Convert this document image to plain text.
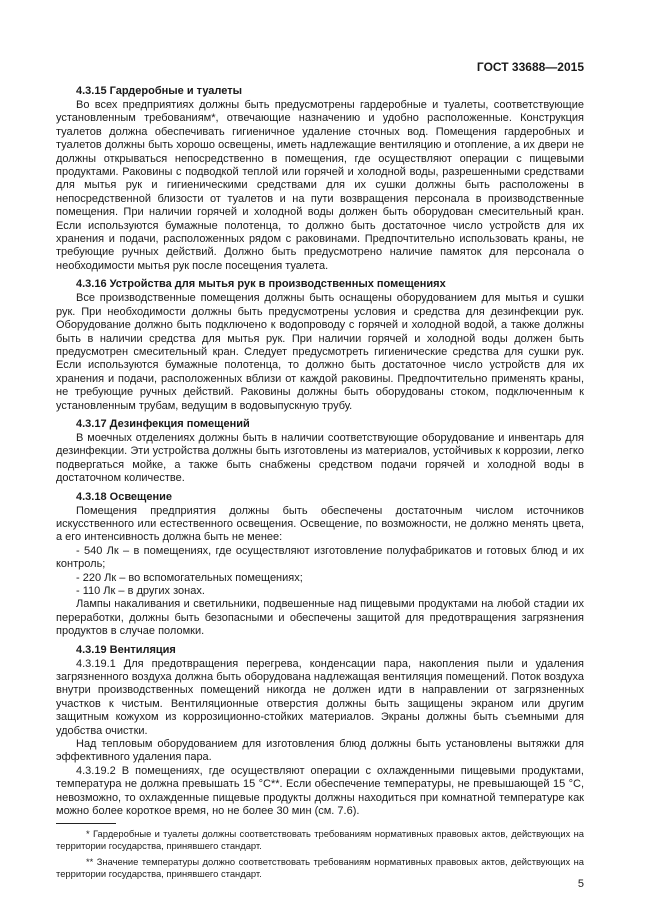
ГОСТ 33688—2015
4.3.15 Гардеробные и туалеты

Во всех предприятиях должны быть предусмотрены гардеробные и туалеты, соответствующие установленным требованиям*, отвечающие назначению и удобно расположенные. Конструкция туалетов должна обеспечивать гигиеничное удаление сточных вод. Помещения гардеробных и туалетов должны быть хорошо освещены, иметь надлежащие вентиляцию и отопление, а их двери не должны открываться непосредственно в помещения, где осуществляют операции с пищевыми продуктами. Раковины с подводкой теплой или горячей и холодной воды, разрешенными средствами для мытья рук и гигиеническими средствами для их сушки должны быть расположены в непосредственной близости от туалетов и на пути возвращения персонала в производственные помещения. При наличии горячей и холодной воды должен быть оборудован смесительный кран. Если используются бумажные полотенца, то должно быть достаточное число устройств для их хранения и подачи, расположенных рядом с раковинами. Предпочтительно использовать краны, не требующие ручных действий. Должно быть предусмотрено наличие памяток для персонала о необходимости мытья рук после посещения туалета.

4.3.16 Устройства для мытья рук в производственных помещениях

Все производственные помещения должны быть оснащены оборудованием для мытья и сушки рук. При необходимости должны быть предусмотрены условия и средства для дезинфекции рук. Оборудование должно быть подключено к водопроводу с горячей и холодной водой, а также должны быть в наличии средства для мытья рук. При наличии горячей и холодной воды должен быть предусмотрен смесительный кран. Следует предусмотреть гигиенические средства для сушки рук. Если используются бумажные полотенца, то должно быть достаточное число устройств для их хранения и подачи, расположенных вблизи от каждой раковины. Предпочтительно применять краны, не требующие ручных действий. Раковины должны быть оборудованы стоком, подключенным к установленным трубам, ведущим в водовыпускную трубу.

4.3.17 Дезинфекция помещений

В моечных отделениях должны быть в наличии соответствующие оборудование и инвентарь для дезинфекции. Эти устройства должны быть изготовлены из материалов, устойчивых к коррозии, легко подвергаться мойке, а также быть снабжены средством подачи горячей и холодной воды в достаточном количестве.

4.3.18 Освещение

Помещения предприятия должны быть обеспечены достаточным числом источников искусственного или естественного освещения. Освещение, по возможности, не должно менять цвета, а его интенсивность должна быть не менее:

- 540 Лк – в помещениях, где осуществляют изготовление полуфабрикатов и готовых блюд и их контроль;

- 220 Лк – во вспомогательных помещениях;

- 110 Лк – в других зонах.

Лампы накаливания и светильники, подвешенные над пищевыми продуктами на любой стадии их переработки, должны быть безопасными и обеспечены защитой для предотвращения загрязнения продуктов в случае поломки.

4.3.19 Вентиляция

4.3.19.1 Для предотвращения перегрева, конденсации пара, накопления пыли и удаления загрязненного воздуха должна быть оборудована надлежащая вентиляция помещений. Поток воздуха внутри производственных помещений никогда не должен идти в направлении от загрязненных участков к чистым. Вентиляционные отверстия должны быть защищены экраном или другим защитным кожухом из коррозиционно-стойких материалов. Экраны должны быть съемными для удобства очистки.

Над тепловым оборудованием для изготовления блюд должны быть установлены вытяжки для эффективного удаления пара.

4.3.19.2 В помещениях, где осуществляют операции с охлажденными пищевыми продуктами, температура не должна превышать 15 °С**. Если обеспечение температуры, не превышающей 15 °С, невозможно, то охлажденные пищевые продукты должны находиться при комнатной температуре как можно более короткое время, но не более 30 мин (см. 7.6).

* Гардеробные и туалеты должны соответствовать требованиям нормативных правовых актов, действующих на территории государства, принявшего стандарт.

** Значение температуры должно соответствовать требованиям нормативных правовых актов, действующих на территории государства, принявшего стандарт.

5
